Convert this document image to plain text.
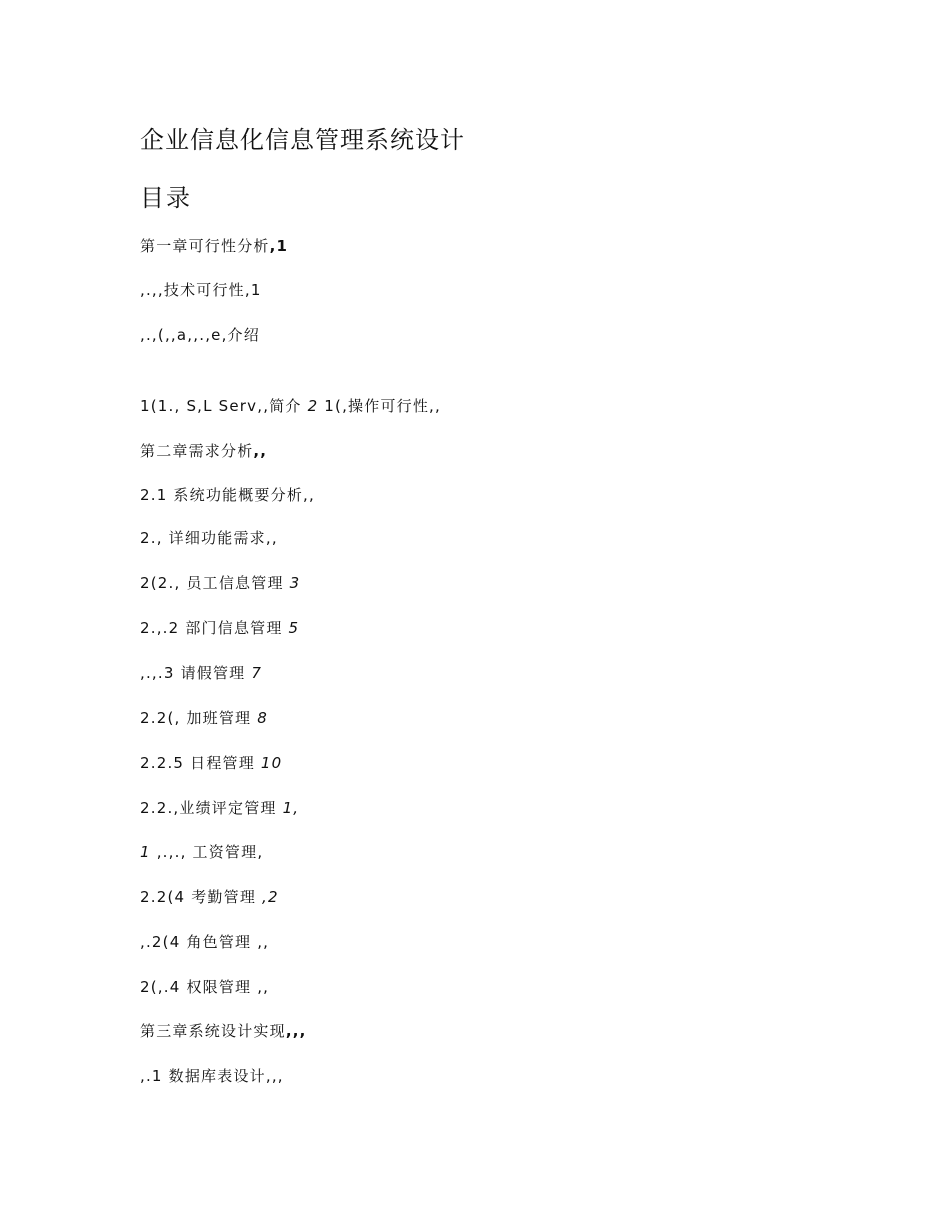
企业信息化信息管理系统设计
目录
第一章可行性分析,1
,.,,技术可行性,1
,.,(,,a,,.,e,介绍
1(1., S,L Serv,,简介 2 1(,操作可行性,,
第二章需求分析,,
2.1 系统功能概要分析,,
2., 详细功能需求,,
2(2., 员工信息管理 3
2.,.2 部门信息管理 5
,.,.3 请假管理 7
2.2(, 加班管理 8
2.2.5 日程管理 10
2.2.,业绩评定管理 1,
1 ,.,., 工资管理,
2.2(4 考勤管理 ,2
,.2(4 角色管理 ,,
2(,.4 权限管理 ,,
第三章系统设计实现,,,
,.1 数据库表设计,,,
